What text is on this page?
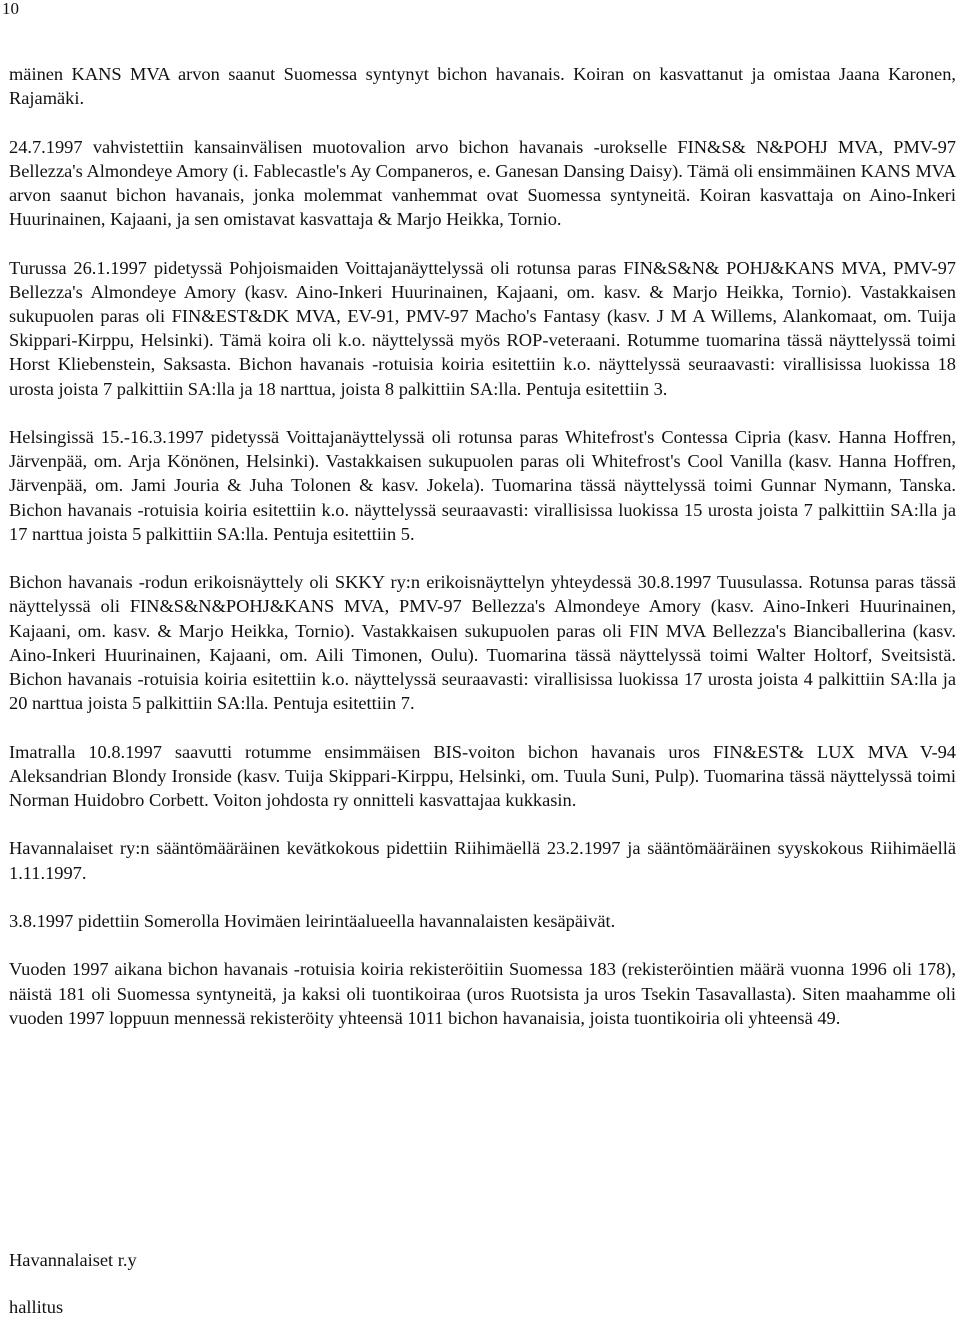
10

mäinen KANS MVA arvon saanut Suomessa syntynyt bichon havanais. Koiran on kasvattanut ja omistaa Jaana Karonen, Rajamäki.

24.7.1997 vahvistettiin kansainvälisen muotovalion arvo bichon havanais -urokselle FIN&S& N&POHJ MVA, PMV-97 Bellezza's Almondeye Amory (i. Fablecastle's Ay Companeros, e. Ganesan Dansing Daisy). Tämä oli ensimmäinen KANS MVA arvon saanut bichon havanais, jonka molemmat vanhemmat ovat Suomessa syntyneitä. Koiran kasvattaja on Aino-Inkeri Huurinainen, Kajaani, ja sen omistavat kasvattaja & Marjo Heikka, Tornio.

Turussa 26.1.1997 pidetyssä Pohjoismaiden Voittajanäyttelyssä oli rotunsa paras FIN&S&N& POHJ&KANS MVA, PMV-97 Bellezza's Almondeye Amory (kasv. Aino-Inkeri Huurinainen, Kajaani, om. kasv. & Marjo Heikka, Tornio). Vastakkaisen sukupuolen paras oli FIN&EST&DK MVA, EV-91, PMV-97 Macho's Fantasy (kasv. J M A Willems, Alankomaat, om. Tuija Skippari-Kirppu, Helsinki). Tämä koira oli k.o. näyttelyssä myös ROP-veteraani. Rotumme tuomarina tässä näyttelyssä toimi Horst Kliebenstein, Saksasta. Bichon havanais -rotuisia koiria esitettiin k.o. näyttelyssä seuraavasti: virallisissa luokissa 18 urosta joista 7 palkittiin SA:lla ja 18 narttua, joista 8 palkittiin SA:lla. Pentuja esitettiin 3.

Helsingissä 15.-16.3.1997 pidetyssä Voittajanäyttelyssä oli rotunsa paras Whitefrost's Contessa Cipria (kasv. Hanna Hoffren, Järvenpää, om. Arja Könönen, Helsinki). Vastakkaisen sukupuolen paras oli Whitefrost's Cool Vanilla (kasv. Hanna Hoffren, Järvenpää, om. Jami Jouria & Juha Tolonen & kasv. Jokela). Tuomarina tässä näyttelyssä toimi Gunnar Nymann, Tanska. Bichon havanais -rotuisia koiria esitettiin k.o. näyttelyssä seuraavasti: virallisissa luokissa 15 urosta joista 7 palkittiin SA:lla ja 17 narttua joista 5 palkittiin SA:lla. Pentuja esitettiin 5.

Bichon havanais -rodun erikoisnäyttely oli SKKY ry:n erikoisnäyttelyn yhteydessä 30.8.1997 Tuusulassa. Rotunsa paras tässä näyttelyssä oli FIN&S&N&POHJ&KANS MVA, PMV-97 Bellezza's Almondeye Amory (kasv. Aino-Inkeri Huurinainen, Kajaani, om. kasv. & Marjo Heikka, Tornio). Vastakkaisen sukupuolen paras oli FIN MVA Bellezza's Bianciballerina (kasv. Aino-Inkeri Huurinainen, Kajaani, om. Aili Timonen, Oulu). Tuomarina tässä näyttelyssä toimi Walter Holtorf, Sveitsistä. Bichon havanais -rotuisia koiria esitettiin k.o. näyttelyssä seuraavasti: virallisissa luokissa 17 urosta joista 4 palkittiin SA:lla ja 20 narttua joista 5 palkittiin SA:lla. Pentuja esitettiin 7.

Imatralla 10.8.1997 saavutti rotumme ensimmäisen BIS-voiton bichon havanais uros FIN&EST& LUX MVA V-94 Aleksandrian Blondy Ironside (kasv. Tuija Skippari-Kirppu, Helsinki, om. Tuula Suni, Pulp). Tuomarina tässä näyttelyssä toimi Norman Huidobro Corbett. Voiton johdosta ry onnitteli kasvattajaa kukkasin.

Havannalaiset ry:n sääntömääräinen kevätkokous pidettiin Riihimäellä 23.2.1997 ja sääntömääräinen syyskokous Riihimäellä 1.11.1997.

3.8.1997 pidettiin Somerolla Hovimäen leirintäalueella havannalaisten kesäpäivät.

Vuoden 1997 aikana bichon havanais -rotuisia koiria rekisteröitiin Suomessa 183 (rekisteröintien määrä vuonna 1996 oli 178), näistä 181 oli Suomessa syntyneitä, ja kaksi oli tuontikoiraa (uros Ruotsista ja uros Tsekin Tasavallasta). Siten maahamme oli vuoden 1997 loppuun mennessä rekisteröity yhteensä 1011 bichon havanaisia, joista tuontikoiria oli yhteensä 49.

Havannalaiset r.y

hallitus
